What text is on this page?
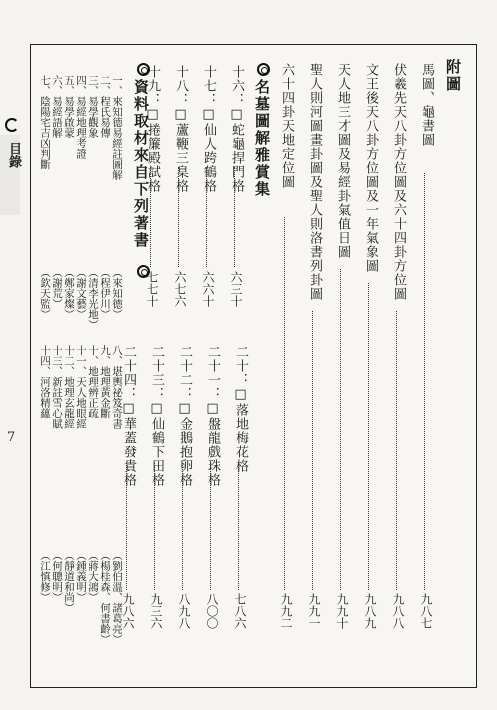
目錄
7
附圖
馬圖、龜書圖
九八七
伏羲先天八卦方位圖及六十四卦方位圖
九八八
文王後天八卦方位圖及一年氣象圖
九八九
天人地三才圖及易經卦氣值日圖
九九十
聖人則河圖畫卦圖及聖人則洛書列卦圖
九九一
六十四卦天地定位圖
九九二
名墓圖解雅賞集
十六：□蛇龜捍門格
六三十
十七：□仙人跨鶴格
六六十
十八：□蘆鞭三臬格
六七六
十九：□捲簾殿試格
七七十
二十：□落地梅花格
七八六
二十一：□盤龍戲珠格
八〇〇
二十二：□金鵝抱卵格
八九八
二十三：□仙鶴下田格
九三六
二十四：□華蓋發貴格
九八六
資料取材來自下列著書
一、來知德易經註圖解
（來知德）
二、程氏易傳
（程伊川）
三、易學觀象
（清李光地）
四、易經地理考證
（謝文藝）
五、易學啟蒙
（鄭家燦）
六、易經語解
（謝荒）
七、陰陽宅吉凶判斷
（欽天監）
八、堪輿祕笈奇書
（劉伯溫、諸葛亮）
九、地理黃金斷
（楊桂森、何書齡）
十、地理辨正疏
（蔣大鴻）
十一、天人地眼經
（鍾義明）
十二、地理玄龍經
（靜道和尚）
十三、新註雪心賦
（何聰明）
十四、河洛精蘊
（江慎修）
